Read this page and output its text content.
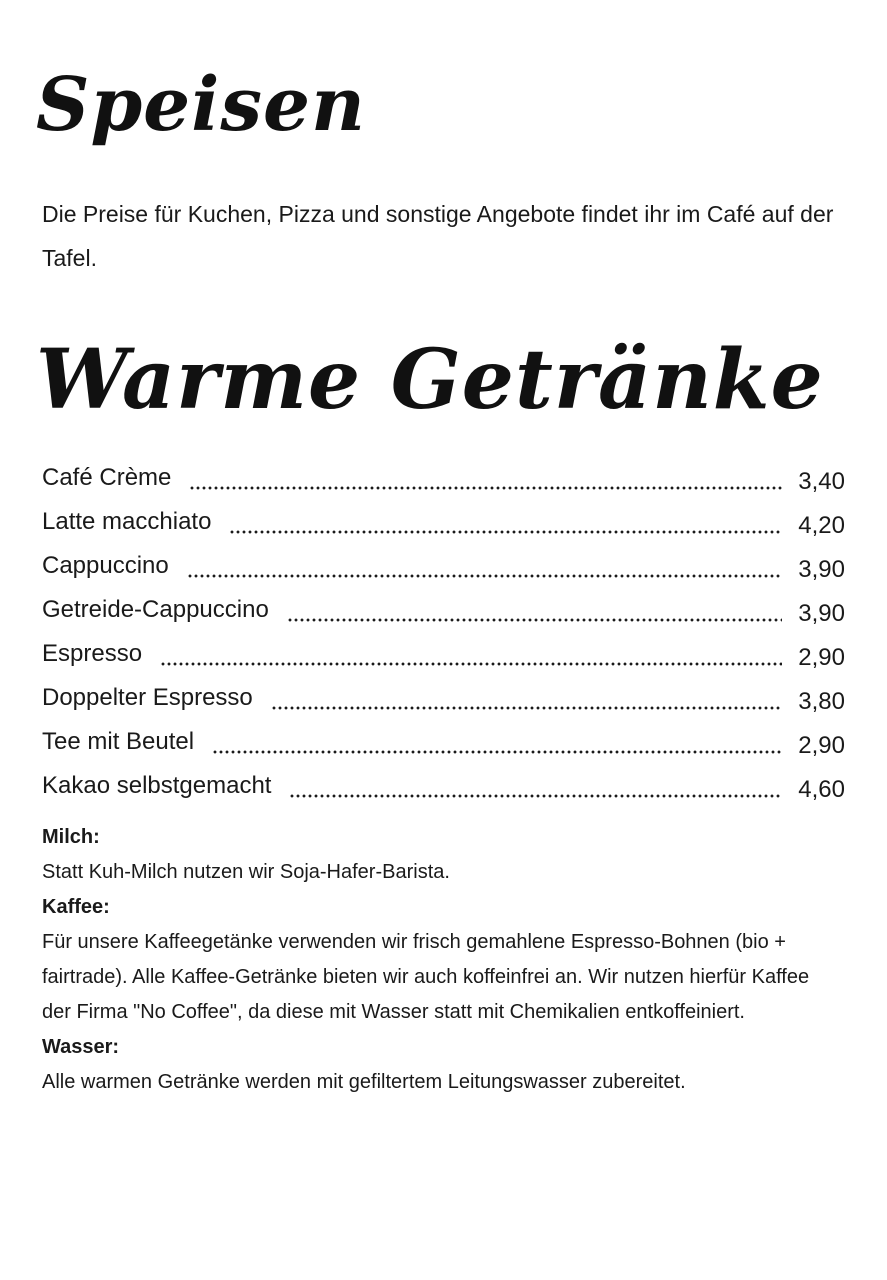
Speisen

Die Preise für Kuchen, Pizza und sonstige Angebote findet ihr im Café auf der Tafel.

Warme Getränke
Café Crème	3,40
Latte macchiato	4,20
Cappuccino	3,90
Getreide-Cappuccino	3,90
Espresso	2,90
Doppelter Espresso	3,80
Tee mit Beutel	2,90
Kakao selbstgemacht	4,60

Milch:

Statt Kuh-Milch nutzen wir Soja-Hafer-Barista.

Kaffee:

Für unsere Kaffeegetänke verwenden wir frisch gemahlene Espresso-Bohnen (bio + fairtrade). Alle Kaffee-Getränke bieten wir auch koffeinfrei an. Wir nutzen hierfür Kaffee der Firma "No Coffee", da diese mit Wasser statt mit Chemikalien entkoffeiniert.

Wasser:

Alle warmen Getränke werden mit gefiltertem Leitungswasser zubereitet.
